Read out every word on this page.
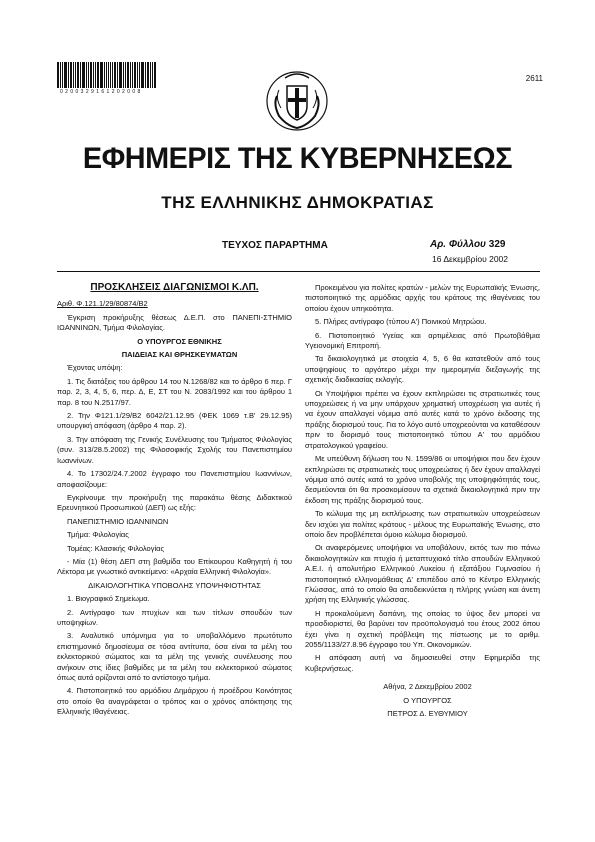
0 2 0 0 3 2 9 1 6 1 2 0 2 0 0 8
2611
ΕΦΗΜΕΡΙΣ ΤΗΣ ΚΥΒΕΡΝΗΣΕΩΣ
ΤΗΣ ΕΛΛΗΝΙΚΗΣ ΔΗΜΟΚΡΑΤΙΑΣ
ΤΕΥΧΟΣ ΠΑΡΑΡΤΗΜΑ	Αρ. Φύλλου 329
16 Δεκεμβρίου 2002
ΠΡΟΣΚΛΗΣΕΙΣ ΔΙΑΓΩΝΙΣΜΟΙ Κ.ΛΠ.

Αριθ. Φ.121.1/29/80874/Β2

Έγκριση προκήρυξης θέσεως Δ.Ε.Π. στο ΠΑΝΕΠΙ-ΣΤΗΜΙΟ ΙΩΑΝΝΙΝΩΝ, Τμήμα Φιλολογίας.

Ο ΥΠΟΥΡΓΟΣ ΕΘΝΙΚΗΣ

ΠΑΙΔΕΙΑΣ ΚΑΙ ΘΡΗΣΚΕΥΜΑΤΩΝ

Έχοντας υπόψη:

1. Τις διατάξεις του άρθρου 14 του Ν.1268/82 και το άρθρο 6 περ. Γ παρ. 2, 3, 4, 5, 6, περ. Δ, Ε, ΣΤ του Ν. 2083/1992 και του άρθρου 1 παρ. 8 του Ν.2517/97.

2. Την Φ121.1/29/Β2 6042/21.12.95 (ΦΕΚ 1069 τ.Β' 29.12.95) υπουργική απόφαση (άρθρο 4 παρ. 2).

3. Την απόφαση της Γενικής Συνέλευσης του Τμήματος Φιλολογίας (συν. 313/28.5.2002) της Φιλοσοφικής Σχολής του Πανεπιστημίου Ιωαννίνων.

4. Το 17302/24.7.2002 έγγραφο του Πανεπιστημίου Ιωαννίνων, αποφασίζουμε:

Εγκρίνουμε την προκήρυξη της παρακάτω θέσης Διδακτικού Ερευνητικού Προσωπικού (ΔΕΠ) ως εξής:

ΠΑΝΕΠΙΣΤΗΜΙΟ ΙΩΑΝΝΙΝΩΝ

Τμήμα: Φιλολογίας

Τομέας: Κλασικής Φιλολογίας

- Μία (1) θέση ΔΕΠ στη βαθμίδα του Επίκουρου Καθηγητή ή του Λέκτορα με γνωστικό αντικείμενο: «Αρχαία Ελληνική Φιλολογία».

ΔΙΚΑΙΟΛΟΓΗΤΙΚΑ ΥΠΟΒΟΛΗΣ ΥΠΟΨΗΦΙΟΤΗΤΑΣ

1. Βιογραφικό Σημείωμα.

2. Αντίγραφο των πτυχίων και των τίτλων σπουδών των υποψηφίων.

3. Αναλυτικό υπόμνημα για το υποβαλλόμενο πρωτότυπο επιστημονικό δημοσίευμα σε τόσα αντίτυπα, όσα είναι τα μέλη του εκλεκτορικού σώματος και τα μέλη της γενικής συνέλευσης που ανήκουν στις ίδιες βαθμίδες με τα μέλη του εκλεκτορικού σώματος όπως αυτά ορίζονται από το αντίστοιχο τμήμα.

4. Πιστοποιητικό του αρμόδιου Δημάρχου ή προέδρου Κοινότητας στο οποίο θα αναγράφεται ο τρόπος και ο χρόνος απόκτησης της Ελληνικής Ιθαγένειας.

Προκειμένου για πολίτες κρατών - μελών της Ευρωπαϊκής Ένωσης, πιστοποιητικό της αρμόδιας αρχής του κράτους της ιθαγένειας του οποίου έχουν υπηκοότητα.

5. Πλήρες αντίγραφο (τύπου Α') Ποινικού Μητρώου.

6. Πιστοποιητικό Υγείας και αρτιμέλειας από Πρωτοβάθμια Υγειονομική Επιτροπή.

Τα δικαιολογητικά με στοιχεία 4, 5, 6 θα κατατεθούν από τους υποψηφίους το αργότερο μέχρι την ημερομηνία διεξαγωγής της σχετικής διαδικασίας εκλογής.

Οι Υποψήφιοι πρέπει να έχουν εκπληρώσει τις στρατιωτικές τους υποχρεώσεις ή να μην υπάρχουν χρηματική υποχρέωση για αυτές ή να έχουν απαλλαγεί νόμιμα από αυτές κατά το χρόνο έκδοσης της πράξης διορισμού τους. Για το λόγο αυτό υποχρεούνται να καταθέσουν πριν το διορισμό τους πιστοποιητικό τύπου Α' του αρμόδιου στρατολογικού γραφείου.

Με υπεύθυνη δήλωση του Ν. 1599/86 οι υποψήφιοι που δεν έχουν εκπληρώσει τις στρατιωτικές τους υποχρεώσεις ή δεν έχουν απαλλαγεί νόμιμα από αυτές κατά το χρόνο υποβολής της υποψηφιότητάς τους, δεσμεύονται ότι θα προσκομίσουν τα σχετικά δικαιολογητικά πριν την έκδοση της πράξης διορισμού τους.

Το κώλυμα της μη εκπλήρωσης των στρατιωτικών υποχρεώσεων δεν ισχύει για πολίτες κράτους - μέλους της Ευρωπαϊκής Ένωσης, στο οποίο δεν προβλέπεται όμοιο κώλυμα διορισμού.

Οι αναφερόμενες υποψήφιοι να υποβάλουν, εκτός των πιο πάνω δικαιολογητικών και πτυχίο ή μεταπτυχιακό τίτλο σπουδών Ελληνικού Α.Ε.Ι. ή απολυτήριο Ελληνικού Λυκείου ή εξατάξιου Γυμνασίου ή πιστοποιητικό ελληνομάθειας Δ' επιπέδου από το Κέντρο Ελληνικής Γλώσσας, από το οποίο θα αποδεικνύεται η πλήρης γνώση και άνετη χρήση της Ελληνικής γλώσσας.

Η προκαλούμενη δαπάνη, της οποίας το ύψος δεν μπορεί να προσδιοριστεί, θα βαρύνει τον προϋπολογισμό του έτους 2002 όπου έχει γίνει η σχετική πρόβλεψη της πίστωσης με το αριθμ. 2055/1133/27.8.96 έγγραφο του Υπ. Οικονομικών.

Η απόφαση αυτή να δημοσιευθεί στην Εφημερίδα της Κυβερνήσεως.

Αθήνα, 2 Δεκεμβρίου 2002

Ο ΥΠΟΥΡΓΟΣ

ΠΕΤΡΟΣ Δ. ΕΥΘΥΜΙΟΥ
